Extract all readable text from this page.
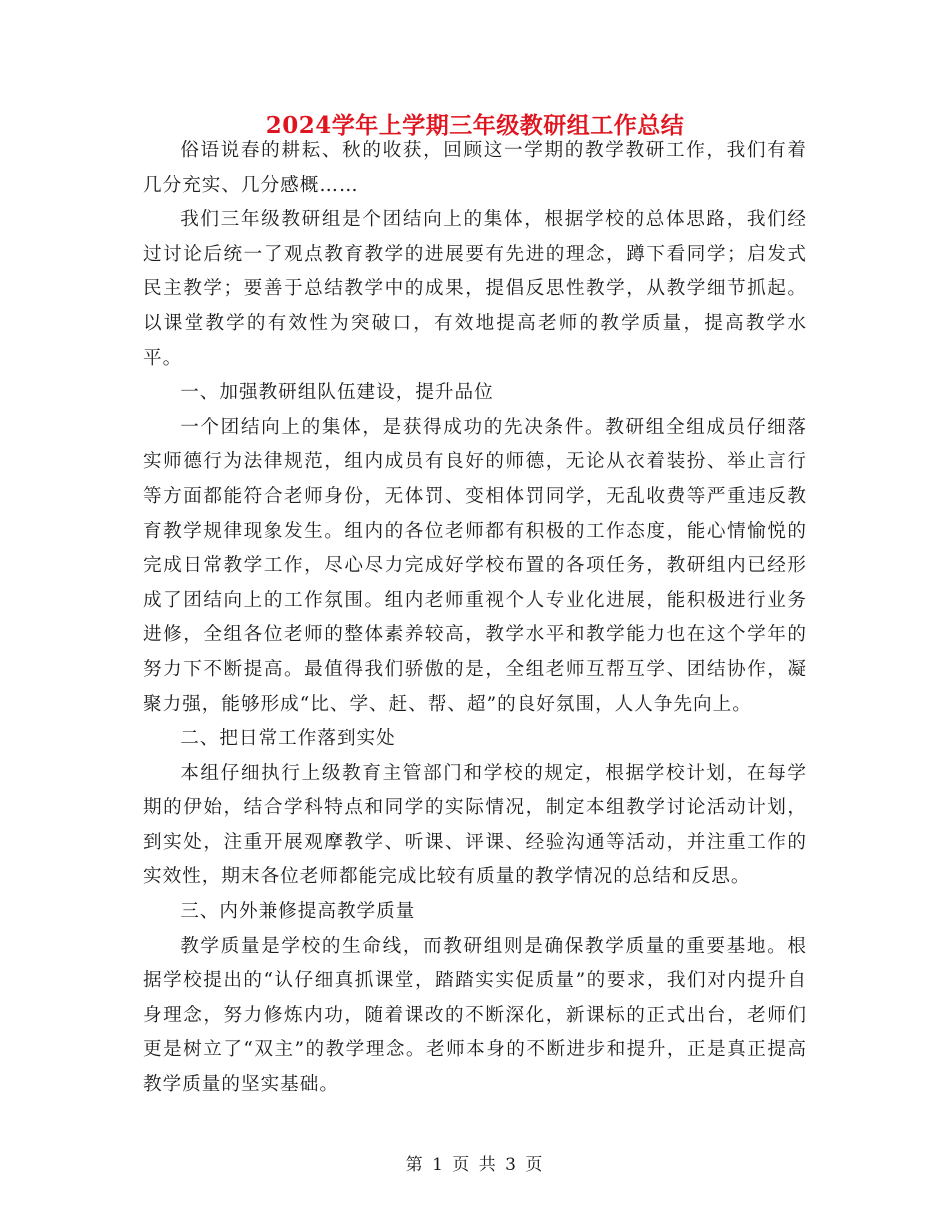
2024学年上学期三年级教研组工作总结

俗语说春的耕耘、秋的收获，回顾这一学期的教学教研工作，我们有着几分充实、几分感概……

我们三年级教研组是个团结向上的集体，根据学校的总体思路，我们经过讨论后统一了观点教育教学的进展要有先进的理念，蹲下看同学；启发式民主教学；要善于总结教学中的成果，提倡反思性教学，从教学细节抓起。以课堂教学的有效性为突破口，有效地提高老师的教学质量，提高教学水平。

一、加强教研组队伍建设，提升品位

一个团结向上的集体，是获得成功的先决条件。教研组全组成员仔细落实师德行为法律规范，组内成员有良好的师德，无论从衣着装扮、举止言行等方面都能符合老师身份，无体罚、变相体罚同学，无乱收费等严重违反教育教学规律现象发生。组内的各位老师都有积极的工作态度，能心情愉悦的完成日常教学工作，尽心尽力完成好学校布置的各项任务，教研组内已经形成了团结向上的工作氛围。组内老师重视个人专业化进展，能积极进行业务进修，全组各位老师的整体素养较高，教学水平和教学能力也在这个学年的努力下不断提高。最值得我们骄傲的是，全组老师互帮互学、团结协作，凝聚力强，能够形成“比、学、赶、帮、超”的良好氛围，人人争先向上。

二、把日常工作落到实处

本组仔细执行上级教育主管部门和学校的规定，根据学校计划，在每学期的伊始，结合学科特点和同学的实际情况，制定本组教学讨论活动计划，到实处，注重开展观摩教学、听课、评课、经验沟通等活动，并注重工作的实效性，期末各位老师都能完成比较有质量的教学情况的总结和反思。

三、内外兼修提高教学质量

教学质量是学校的生命线，而教研组则是确保教学质量的重要基地。根据学校提出的“认仔细真抓课堂，踏踏实实促质量”的要求，我们对内提升自身理念，努力修炼内功，随着课改的不断深化，新课标的正式出台，老师们更是树立了“双主”的教学理念。老师本身的不断进步和提升，正是真正提高教学质量的坚实基础。

第 1 页 共 3 页
